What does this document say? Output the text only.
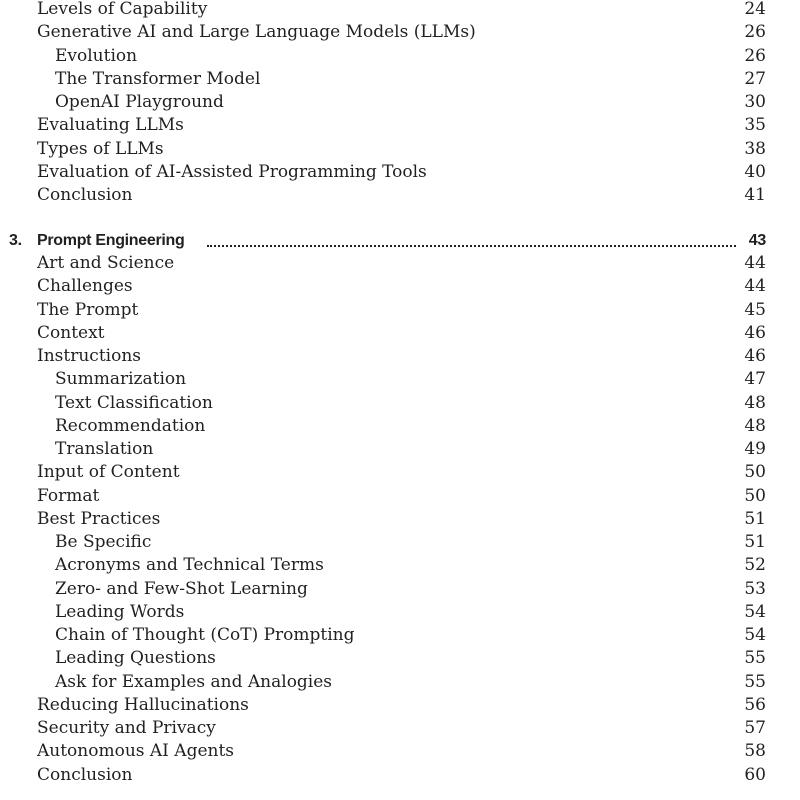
Levels of Capability	24
Generative AI and Large Language Models (LLMs)	26
Evolution	26
The Transformer Model	27
OpenAI Playground	30
Evaluating LLMs	35
Types of LLMs	38
Evaluation of AI-Assisted Programming Tools	40
Conclusion	41
3. Prompt Engineering	43
Art and Science	44
Challenges	44
The Prompt	45
Context	46
Instructions	46
Summarization	47
Text Classification	48
Recommendation	48
Translation	49
Input of Content	50
Format	50
Best Practices	51
Be Specific	51
Acronyms and Technical Terms	52
Zero- and Few-Shot Learning	53
Leading Words	54
Chain of Thought (CoT) Prompting	54
Leading Questions	55
Ask for Examples and Analogies	55
Reducing Hallucinations	56
Security and Privacy	57
Autonomous AI Agents	58
Conclusion	60
